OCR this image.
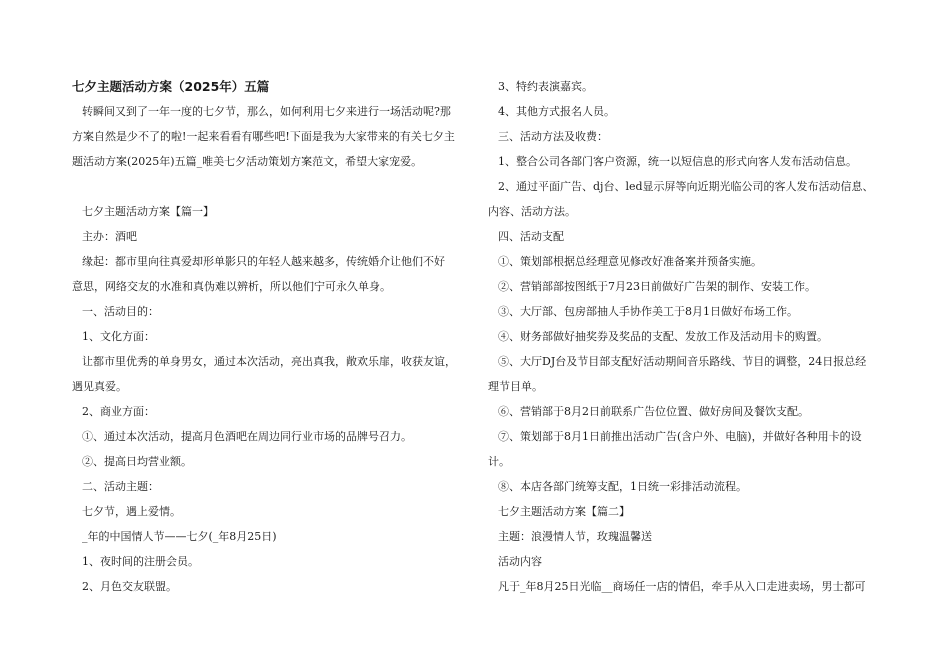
七夕主题活动方案（2025年）五篇
转瞬间又到了一年一度的七夕节，那么，如何利用七夕来进行一场活动呢?那
方案自然是少不了的啦!一起来看看有哪些吧!下面是我为大家带来的有关七夕主
题活动方案(2025年)五篇_唯美七夕活动策划方案范文，希望大家宠爱。
七夕主题活动方案【篇一】
主办：酒吧
缘起：都市里向往真爱却形单影只的年轻人越来越多，传统婚介让他们不好
意思，网络交友的水准和真伪难以辨析，所以他们宁可永久单身。
一、活动目的：
1、文化方面：
让都市里优秀的单身男女，通过本次活动，亮出真我，敞欢乐扉，收获友谊，
遇见真爱。
2、商业方面：
①、通过本次活动，提高月色酒吧在周边同行业市场的品牌号召力。
②、提高日均营业额。
二、活动主题：
七夕节，遇上爱情。
_年的中国情人节——七夕(_年8月25日)
1、夜时间的注册会员。
2、月色交友联盟。
3、特约表演嘉宾。
4、其他方式报名人员。
三、活动方法及收费：
1、整合公司各部门客户资源，统一以短信息的形式向客人发布活动信息。
2、通过平面广告、dj台、led显示屏等向近期光临公司的客人发布活动信息、
内容、活动方法。
四、活动支配
①、策划部根据总经理意见修改好准备案并预备实施。
②、营销部部按图纸于7月23日前做好广告架的制作、安装工作。
③、大厅部、包房部抽人手协作美工于8月1日做好布场工作。
④、财务部做好抽奖券及奖品的支配、发放工作及活动用卡的购置。
⑤、大厅DJ台及节目部支配好活动期间音乐路线、节目的调整，24日报总经
理节目单。
⑥、营销部于8月2日前联系广告位位置、做好房间及餐饮支配。
⑦、策划部于8月1日前推出活动广告(含户外、电脑)，并做好各种用卡的设
计。
⑧、本店各部门统筹支配，1日统一彩排活动流程。
七夕主题活动方案【篇二】
主题：浪漫情人节，玫瑰温馨送
活动内容
凡于_年8月25日光临__商场任一店的情侣，牵手从入口走进卖场，男士都可
